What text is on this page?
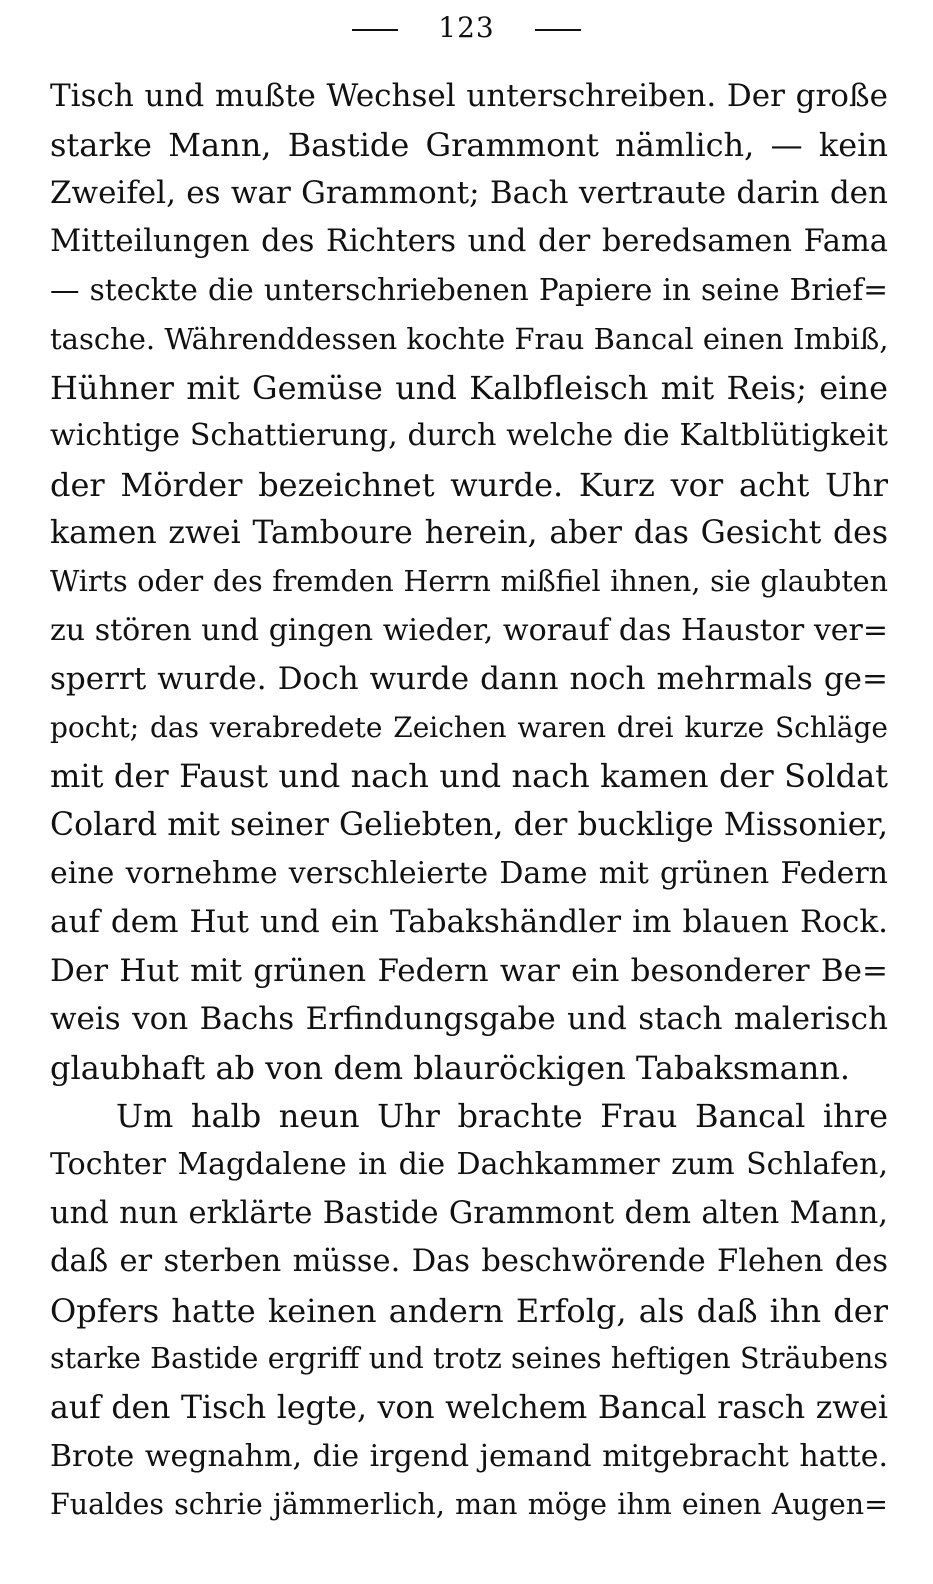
123
Tisch und mußte Wechsel unterschreiben. Der große
starke Mann, Bastide Grammont nämlich, — kein
Zweifel, es war Grammont; Bach vertraute darin den
Mitteilungen des Richters und der beredsamen Fama
— steckte die unterschriebenen Papiere in seine Brief=
tasche. Währenddessen kochte Frau Bancal einen Imbiß,
Hühner mit Gemüse und Kalbfleisch mit Reis; eine
wichtige Schattierung, durch welche die Kaltblütigkeit
der Mörder bezeichnet wurde. Kurz vor acht Uhr
kamen zwei Tamboure herein, aber das Gesicht des
Wirts oder des fremden Herrn mißfiel ihnen, sie glaubten
zu stören und gingen wieder, worauf das Haustor ver=
sperrt wurde. Doch wurde dann noch mehrmals ge=
pocht; das verabredete Zeichen waren drei kurze Schläge
mit der Faust und nach und nach kamen der Soldat
Colard mit seiner Geliebten, der bucklige Missonier,
eine vornehme verschleierte Dame mit grünen Federn
auf dem Hut und ein Tabakshändler im blauen Rock.
Der Hut mit grünen Federn war ein besonderer Be=
weis von Bachs Erfindungsgabe und stach malerisch
glaubhaft ab von dem blauröckigen Tabaksmann.
Um halb neun Uhr brachte Frau Bancal ihre
Tochter Magdalene in die Dachkammer zum Schlafen,
und nun erklärte Bastide Grammont dem alten Mann,
daß er sterben müsse. Das beschwörende Flehen des
Opfers hatte keinen andern Erfolg, als daß ihn der
starke Bastide ergriff und trotz seines heftigen Sträubens
auf den Tisch legte, von welchem Bancal rasch zwei
Brote wegnahm, die irgend jemand mitgebracht hatte.
Fualdes schrie jämmerlich, man möge ihm einen Augen=
